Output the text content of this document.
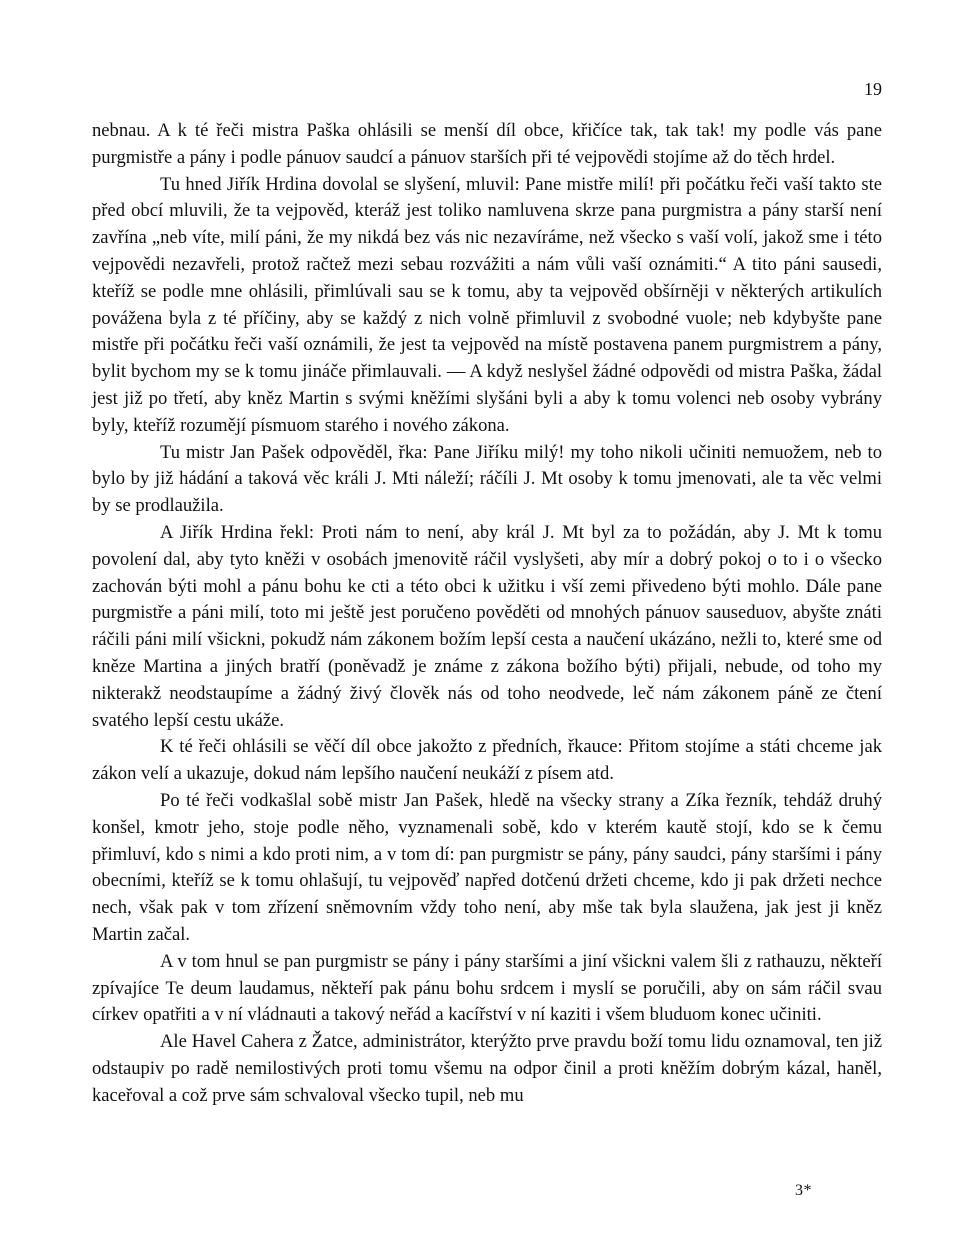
19

nebnau. A k té řeči mistra Paška ohlásili se menší díl obce, křičíce tak, tak tak! my podle vás pane purgmistře a pány i podle pánuov saudcí a pánuov starších při té vejpovědi stojíme až do těch hrdel.

Tu hned Jiřík Hrdina dovolal se slyšení, mluvil: Pane mistře milí! při počátku řeči vaší takto ste před obcí mluvili, že ta vejpověd, kteráž jest toliko namluvena skrze pana purgmistra a pány starší není zavřína „neb víte, milí páni, že my nikdá bez vás nic nezavíráme, než všecko s vaší volí, jakož sme i této vejpovědi nezavřeli, protož račtež mezi sebau rozvážiti a nám vůli vaší oznámiti.“ A tito páni sausedi, kteříž se podle mne ohlásili, přimlúvali sau se k tomu, aby ta vejpověd obšírněji v některých artikulích povážena byla z té příčiny, aby se každý z nich volně přimluvil z svobodné vuole; neb kdybyšte pane mistře při počátku řeči vaší oznámili, že jest ta vejpověd na místě postavena panem purgmistrem a pány, bylit bychom my se k tomu jináče přimlauvali. — A když neslyšel žádné odpovědi od mistra Paška, žádal jest již po třetí, aby kněz Martin s svými kněžími slyšáni byli a aby k tomu volenci neb osoby vybrány byly, kteříž rozumějí písmuom starého i nového zákona.

Tu mistr Jan Pašek odpověděl, řka: Pane Jiříku milý! my toho nikoli učiniti nemuožem, neb to bylo by již hádání a taková věc králi J. Mti náleží; ráčíli J. Mt osoby k tomu jmenovati, ale ta věc velmi by se prodlaužila.

A Jiřík Hrdina řekl: Proti nám to není, aby král J. Mt byl za to požádán, aby J. Mt k tomu povolení dal, aby tyto kněži v osobách jmenovitě ráčil vyslyšeti, aby mír a dobrý pokoj o to i o všecko zachován býti mohl a pánu bohu ke cti a této obci k užitku i vší zemi přivedeno býti mohlo. Dále pane purgmistře a páni milí, toto mi ještě jest poručeno pověděti od mnohých pánuov sauseduov, abyšte znáti ráčili páni milí všickni, pokudž nám zákonem božím lepší cesta a naučení ukázáno, nežli to, které sme od kněze Martina a jiných bratří (poněvadž je známe z zákona božího býti) přijali, nebude, od toho my nikterakž neodstaupíme a žádný živý člověk nás od toho neodvede, leč nám zákonem páně ze čtení svatého lepší cestu ukáže.

K té řeči ohlásili se věčí díl obce jakožto z předních, řkauce: Přitom stojíme a státi chceme jak zákon velí a ukazuje, dokud nám lepšího naučení neukáží z písem atd.

Po té řeči vodkašlal sobě mistr Jan Pašek, hledě na všecky strany a Zíka řezník, tehdáž druhý konšel, kmotr jeho, stoje podle něho, vyznamenali sobě, kdo v kterém kautě stojí, kdo se k čemu přimluví, kdo s nimi a kdo proti nim, a v tom dí: pan purgmistr se pány, pány saudci, pány staršími i pány obecními, kteříž se k tomu ohlašují, tu vejpověď napřed dotčenú držeti chceme, kdo ji pak držeti nechce nech, však pak v tom zřízení sněmovním vždy toho není, aby mše tak byla slaužena, jak jest ji kněz Martin začal.

A v tom hnul se pan purgmistr se pány i pány staršími a jiní všickni valem šli z rathauzu, někteří zpívajíce Te deum laudamus, někteří pak pánu bohu srdcem i myslí se poručili, aby on sám ráčil svau církev opatřiti a v ní vládnauti a takový neřád a kacířství v ní kaziti i všem bluduom konec učiniti.

Ale Havel Cahera z Žatce, administrátor, kterýžto prve pravdu boží tomu lidu oznamoval, ten již odstaupiv po radě nemilostivých proti tomu všemu na odpor činil a proti kněžím dobrým kázal, haněl, kaceřoval a což prve sám schvaloval všecko tupil, neb mu

3*
